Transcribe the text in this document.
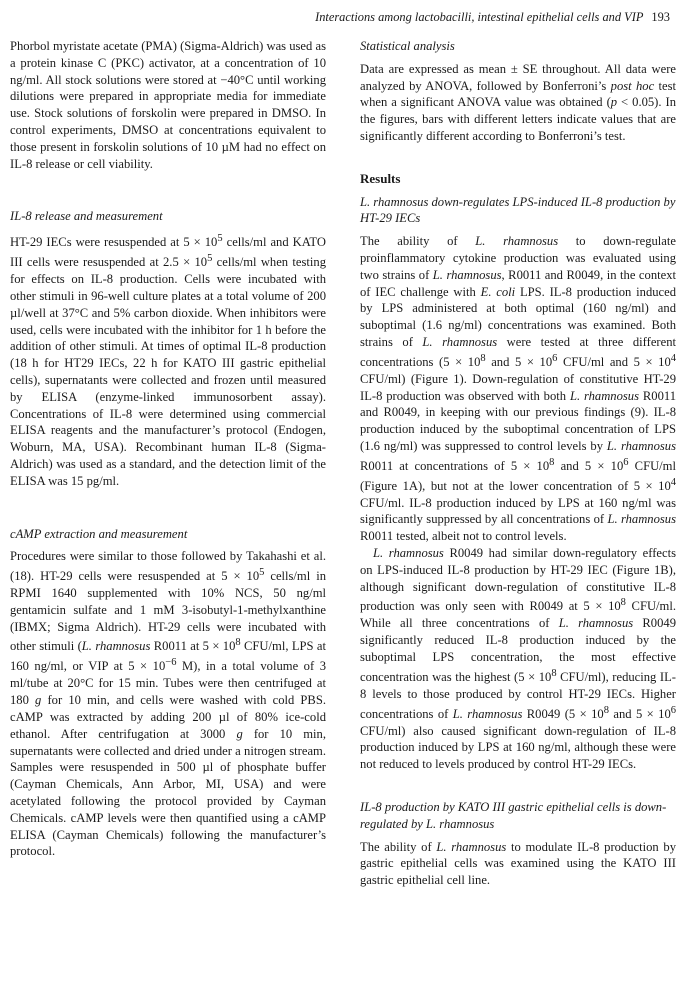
Interactions among lactobacilli, intestinal epithelial cells and VIP 193

Phorbol myristate acetate (PMA) (Sigma-Aldrich) was used as a protein kinase C (PKC) activator, at a concentration of 10 ng/ml. All stock solutions were stored at −40°C until working dilutions were prepared in appropriate media for immediate use. Stock solutions of forskolin were prepared in DMSO. In control experiments, DMSO at concentrations equivalent to those present in forskolin solutions of 10 µM had no effect on IL-8 release or cell viability.

IL-8 release and measurement

HT-29 IECs were resuspended at $5 \times 10^5$ cells/ml and KATO III cells were resuspended at $2.5 \times 10^5$ cells/ml when testing for effects on IL-8 production. Cells were incubated with other stimuli in 96-well culture plates at a total volume of 200 µl/well at 37°C and 5% carbon dioxide. When inhibitors were used, cells were incubated with the inhibitor for 1 h before the addition of other stimuli. At times of optimal IL-8 production (18 h for HT29 IECs, 22 h for KATO III gastric epithelial cells), supernatants were collected and frozen until measured by ELISA (enzyme-linked immunosorbent assay). Concentrations of IL-8 were determined using commercial ELISA reagents and the manufacturer’s protocol (Endogen, Woburn, MA, USA). Recombinant human IL-8 (Sigma-Aldrich) was used as a standard, and the detection limit of the ELISA was 15 pg/ml.

cAMP extraction and measurement

Procedures were similar to those followed by Takahashi et al. (18). HT-29 cells were resuspended at $5 \times 10^5$ cells/ml in RPMI 1640 supplemented with 10% NCS, 50 ng/ml gentamicin sulfate and 1 mM 3-isobutyl-1-methylxanthine (IBMX; Sigma Aldrich). HT-29 cells were incubated with other stimuli (L. rhamnosus R0011 at $5 \times 10^8$ CFU/ml, LPS at 160 ng/ml, or VIP at $5 \times 10^{-6}$ M), in a total volume of 3 ml/tube at 20°C for 15 min. Tubes were then centrifuged at 180 g for 10 min, and cells were washed with cold PBS. cAMP was extracted by adding 200 µl of 80% ice-cold ethanol. After centrifugation at 3000 g for 10 min, supernatants were collected and dried under a nitrogen stream. Samples were resuspended in 500 µl of phosphate buffer (Cayman Chemicals, Ann Arbor, MI, USA) and were acetylated following the protocol provided by Cayman Chemicals. cAMP levels were then quantified using a cAMP ELISA (Cayman Chemicals) following the manufacturer’s protocol.

Statistical analysis

Data are expressed as mean ± SE throughout. All data were analyzed by ANOVA, followed by Bonferroni’s post hoc test when a significant ANOVA value was obtained (p < 0.05). In the figures, bars with different letters indicate values that are significantly different according to Bonferroni’s test.

Results
L. rhamnosus down-regulates LPS-induced IL-8 production by HT-29 IECs

The ability of L. rhamnosus to down-regulate proinflammatory cytokine production was evaluated using two strains of L. rhamnosus, R0011 and R0049, in the context of IEC challenge with E. coli LPS. IL-8 production induced by LPS administered at both optimal (160 ng/ml) and suboptimal (1.6 ng/ml) concentrations was examined. Both strains of L. rhamnosus were tested at three different concentrations ($5 \times 10^8$ and $5 \times 10^6$ CFU/ml and $5 \times 10^4$ CFU/ml) (Figure 1). Down-regulation of constitutive HT-29 IL-8 production was observed with both L. rhamnosus R0011 and R0049, in keeping with our previous findings (9). IL-8 production induced by the suboptimal concentration of LPS (1.6 ng/ml) was suppressed to control levels by L. rhamnosus R0011 at concentrations of $5 \times 10^8$ and $5 \times 10^6$ CFU/ml (Figure 1A), but not at the lower concentration of $5 \times 10^4$ CFU/ml. IL-8 production induced by LPS at 160 ng/ml was significantly suppressed by all concentrations of L. rhamnosus R0011 tested, albeit not to control levels.

L. rhamnosus R0049 had similar down-regulatory effects on LPS-induced IL-8 production by HT-29 IEC (Figure 1B), although significant down-regulation of constitutive IL-8 production was only seen with R0049 at $5 \times 10^8$ CFU/ml. While all three concentrations of L. rhamnosus R0049 significantly reduced IL-8 production induced by the suboptimal LPS concentration, the most effective concentration was the highest ($5 \times 10^8$ CFU/ml), reducing IL-8 levels to those produced by control HT-29 IECs. Higher concentrations of L. rhamnosus R0049 ($5 \times 10^8$ and $5 \times 10^6$ CFU/ml) also caused significant down-regulation of IL-8 production induced by LPS at 160 ng/ml, although these were not reduced to levels produced by control HT-29 IECs.

IL-8 production by KATO III gastric epithelial cells is down-regulated by L. rhamnosus

The ability of L. rhamnosus to modulate IL-8 production by gastric epithelial cells was examined using the KATO III gastric epithelial cell line.
